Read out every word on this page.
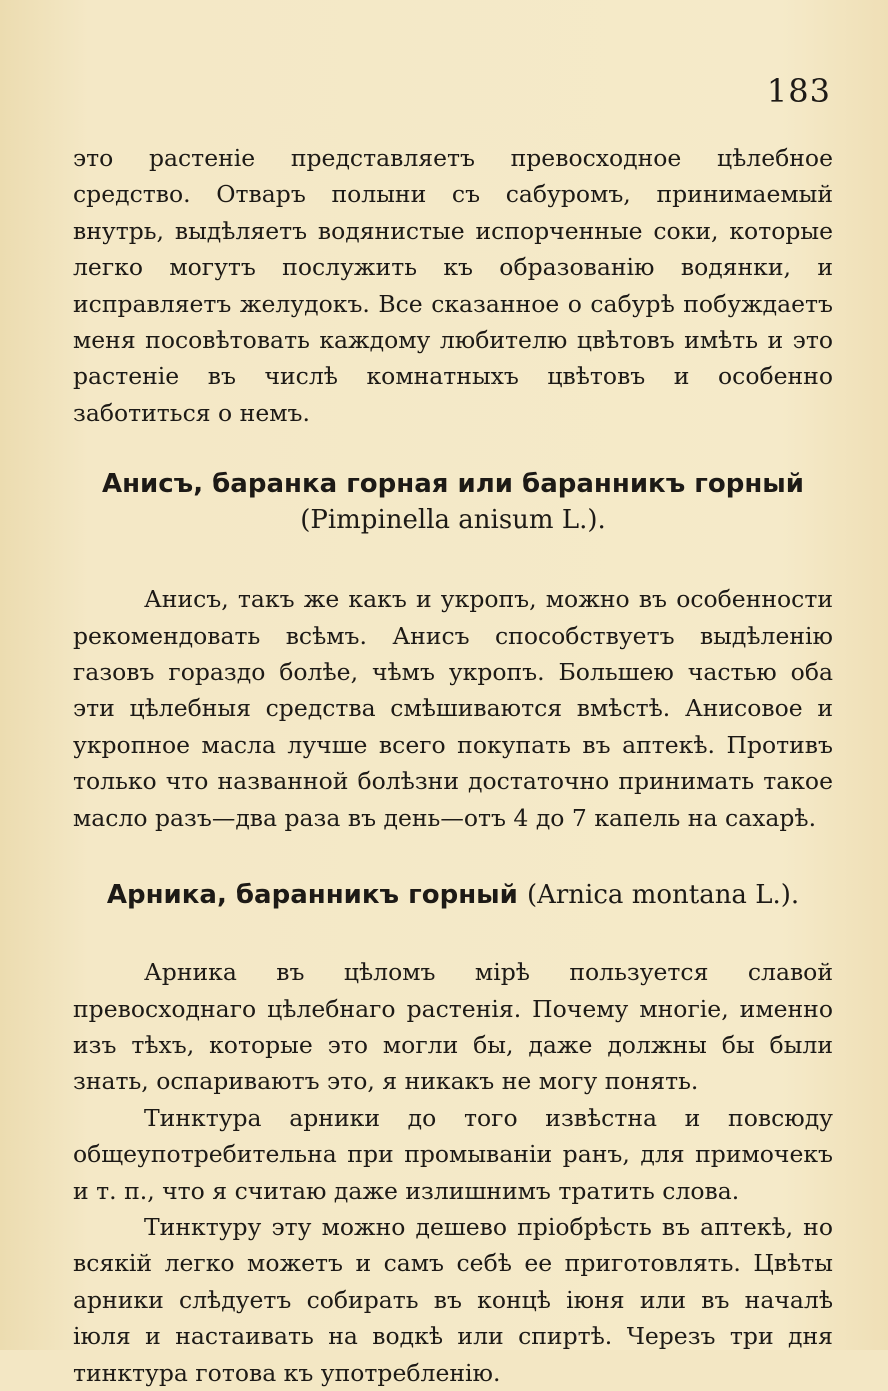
183

это растеніе представляетъ превосходное цѣлебное средство. Отваръ полыни съ сабуромъ, принимаемый внутрь, выдѣляетъ водянистые испорченные соки, которые легко могутъ послужить къ образованію водянки, и исправляетъ желудокъ. Все сказанное о сабурѣ побуждаетъ меня посовѣтовать каждому любителю цвѣтовъ имѣть и это растеніе въ числѣ комнатныхъ цвѣтовъ и особенно заботиться о немъ.

Анисъ, баранка горная или баранникъ горный (Pimpinella anisum L.).

Анисъ, такъ же какъ и укропъ, можно въ особенности рекомендовать всѣмъ. Анисъ способствуетъ выдѣленію газовъ гораздо болѣе, чѣмъ укропъ. Большею частью оба эти цѣлебныя средства смѣшиваются вмѣстѣ. Анисовое и укропное масла лучше всего покупать въ аптекѣ. Противъ только что названной болѣзни достаточно принимать такое масло разъ—два раза въ день—отъ 4 до 7 капель на сахарѣ.

Арника, баранникъ горный (Arnica montana L.).

Арника въ цѣломъ мірѣ пользуется славой превосходнаго цѣлебнаго растенія. Почему многіе, именно изъ тѣхъ, которые это могли бы, даже должны бы были знать, оспариваютъ это, я никакъ не могу понять.

Тинктура арники до того извѣстна и повсюду общеупотребительна при промываніи ранъ, для примочекъ и т. п., что я считаю даже излишнимъ тратить слова.

Тинктуру эту можно дешево пріобрѣсть въ аптекѣ, но всякій легко можетъ и самъ себѣ ее приготовлять. Цвѣты арники слѣдуетъ собирать въ концѣ іюня или въ началѣ іюля и настаивать на водкѣ или спиртѣ. Черезъ три дня тинктура готова къ употребленію.
